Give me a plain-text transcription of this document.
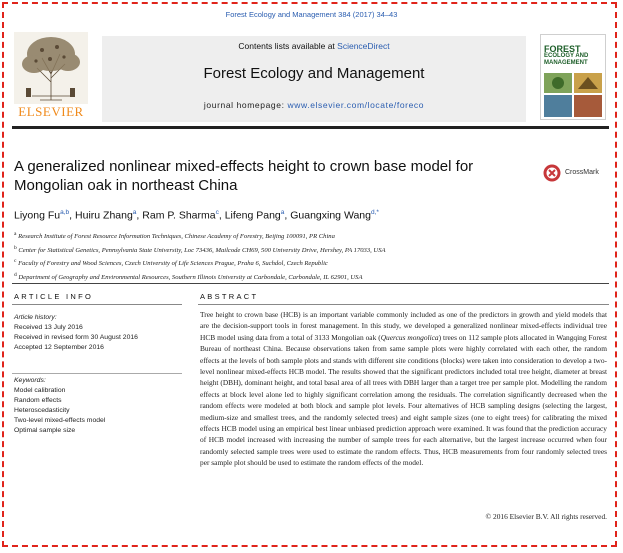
Forest Ecology and Management 384 (2017) 34–43
ELSEVIER
Contents lists available at ScienceDirect
Forest Ecology and Management
journal homepage: www.elsevier.com/locate/foreco
FOREST
ECOLOGY AND
MANAGEMENT
A generalized nonlinear mixed-effects height to crown base model for Mongolian oak in northeast China
CrossMark
Liyong Fu$^{a,b}$, Huiru Zhang$^a$, Ram P. Sharma$^c$, Lifeng Pang$^a$, Guangxing Wang$^{d,*}$
$^a$ Research Institute of Forest Resource Information Techniques, Chinese Academy of Forestry, Beijing 100091, PR China
$^b$ Center for Statistical Genetics, Pennsylvania State University, Loc 73436, Mailcode CH69, 500 University Drive, Hershey, PA 17033, USA
$^c$ Faculty of Forestry and Wood Sciences, Czech University of Life Sciences Prague, Praha 6, Suchdol, Czech Republic
$^d$ Department of Geography and Environmental Resources, Southern Illinois University at Carbondale, Carbondale, IL 62901, USA
ARTICLE INFO
Article history:
Received 13 July 2016
Received in revised form 30 August 2016
Accepted 12 September 2016
Keywords:
Model calibration
Random effects
Heteroscedasticity
Two-level mixed-effects model
Optimal sample size
ABSTRACT
Tree height to crown base (HCB) is an important variable commonly included as one of the predictors in growth and yield models that are the decision-support tools in forest management. In this study, we developed a generalized nonlinear mixed-effects individual tree HCB model using data from a total of 3133 Mongolian oak (Quercus mongolica) trees on 112 sample plots allocated in Wangqing Forest Bureau of northeast China. Because observations taken from same sample plots were highly correlated with each other, the random effects at the levels of both sample plots and stands with different site conditions (blocks) were taken into consideration to develop a two-level nonlinear mixed-effects HCB model. The results showed that the significant predictors included total tree height, diameter at breast height (DBH), dominant height, and total basal area of all trees with DBH larger than a target tree per sample plot. Modelling the random effects at block level alone led to highly significant correlation among the residuals. The correlation significantly decreased when the random effects were modeled at both block and sample plot levels. Four alternatives of HCB sampling designs (selecting the largest, medium-size and smallest trees, and the randomly selected trees) and eight sample sizes (one to eight trees) for calibrating the mixed effects HCB model using an empirical best linear unbiased prediction approach were examined. It was found that the prediction accuracy of HCB model increased with increasing the number of sample trees for each alternative, but the largest increase occurred when four randomly selected sample trees were used to estimate the random effects. Thus, HCB measurements from four randomly selected trees per sample plot should be used to estimate the random effects of the model.
© 2016 Elsevier B.V. All rights reserved.
